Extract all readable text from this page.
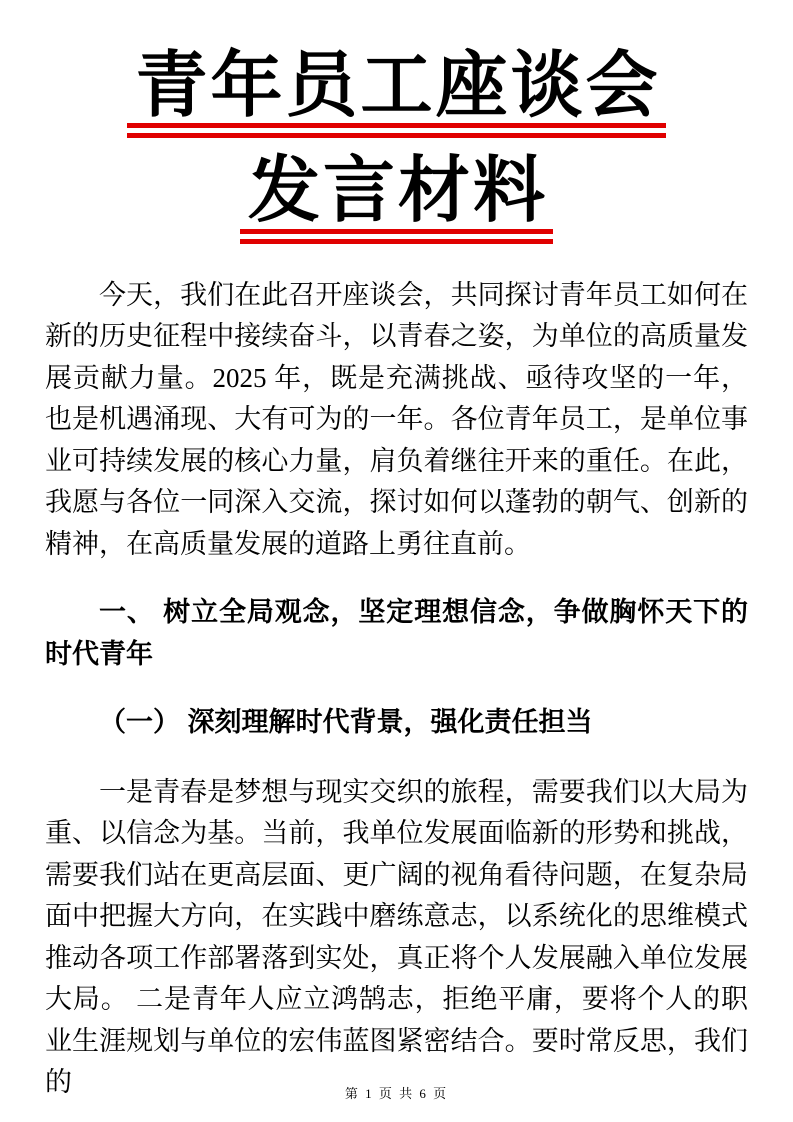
青年员工座谈会
发言材料

今天，我们在此召开座谈会，共同探讨青年员工如何在新的历史征程中接续奋斗，以青春之姿，为单位的高质量发展贡献力量。2025 年，既是充满挑战、亟待攻坚的一年，也是机遇涌现、大有可为的一年。各位青年员工，是单位事业可持续发展的核心力量，肩负着继往开来的重任。在此，我愿与各位一同深入交流，探讨如何以蓬勃的朝气、创新的精神，在高质量发展的道路上勇往直前。

一、 树立全局观念，坚定理想信念，争做胸怀天下的时代青年

（一） 深刻理解时代背景，强化责任担当

一是青春是梦想与现实交织的旅程，需要我们以大局为重、以信念为基。当前，我单位发展面临新的形势和挑战，需要我们站在更高层面、更广阔的视角看待问题，在复杂局面中把握大方向，在实践中磨练意志，以系统化的思维模式推动各项工作部署落到实处，真正将个人发展融入单位发展大局。 二是青年人应立鸿鹄志，拒绝平庸，要将个人的职业生涯规划与单位的宏伟蓝图紧密结合。要时常反思，我们的	第 1 页 共 6 页
